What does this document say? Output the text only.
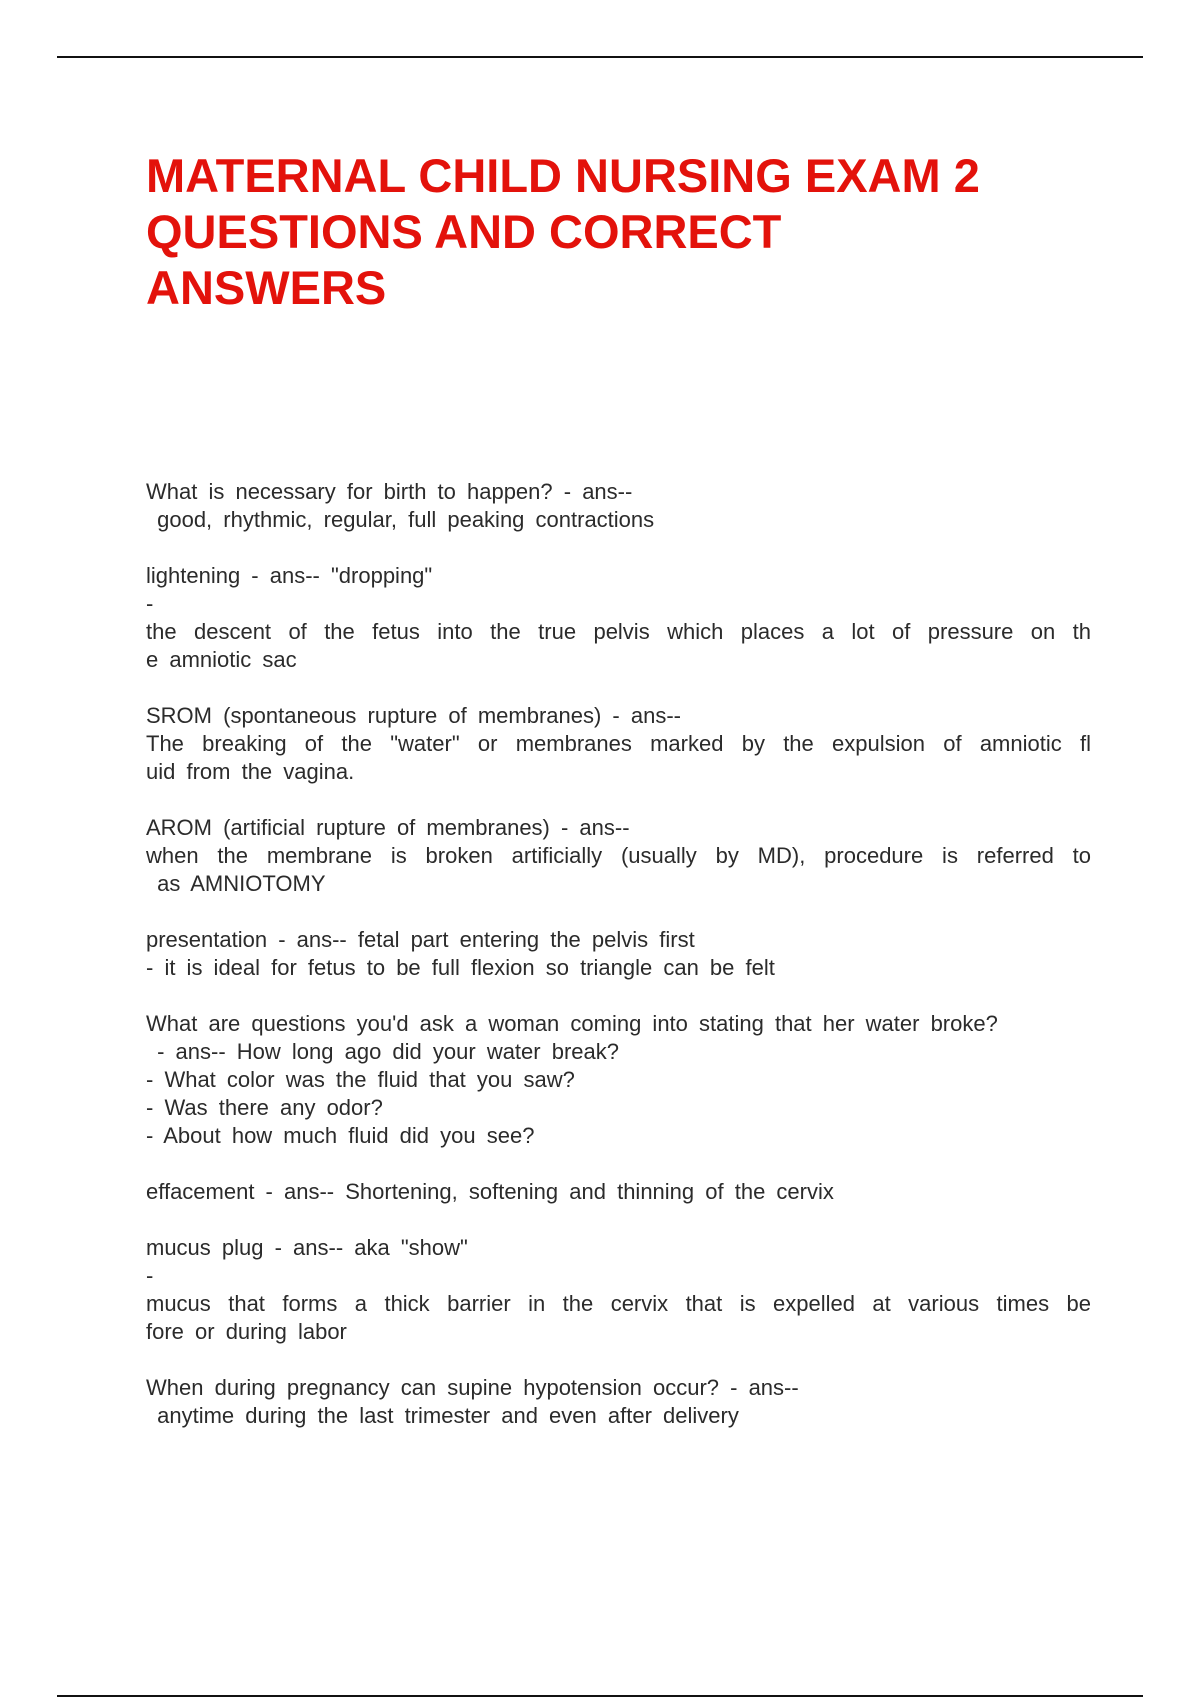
MATERNAL CHILD NURSING EXAM 2
QUESTIONS AND CORRECT
ANSWERS
What is necessary for birth to happen? - ans--
good, rhythmic, regular, full peaking contractions
lightening - ans-- "dropping"
-
the descent of the fetus into the true pelvis which places a lot of pressure on th
e amniotic sac
SROM (spontaneous rupture of membranes) - ans--
The breaking of the "water" or membranes marked by the expulsion of amniotic fl
uid from the vagina.
AROM (artificial rupture of membranes) - ans--
when the membrane is broken artificially (usually by MD), procedure is referred to
as AMNIOTOMY
presentation - ans-- fetal part entering the pelvis first
- it is ideal for fetus to be full flexion so triangle can be felt
What are questions you'd ask a woman coming into stating that her water broke?
- ans-- How long ago did your water break?
- What color was the fluid that you saw?
- Was there any odor?
- About how much fluid did you see?
effacement - ans-- Shortening, softening and thinning of the cervix
mucus plug - ans-- aka "show"
-
mucus that forms a thick barrier in the cervix that is expelled at various times be
fore or during labor
When during pregnancy can supine hypotension occur? - ans--
anytime during the last trimester and even after delivery
